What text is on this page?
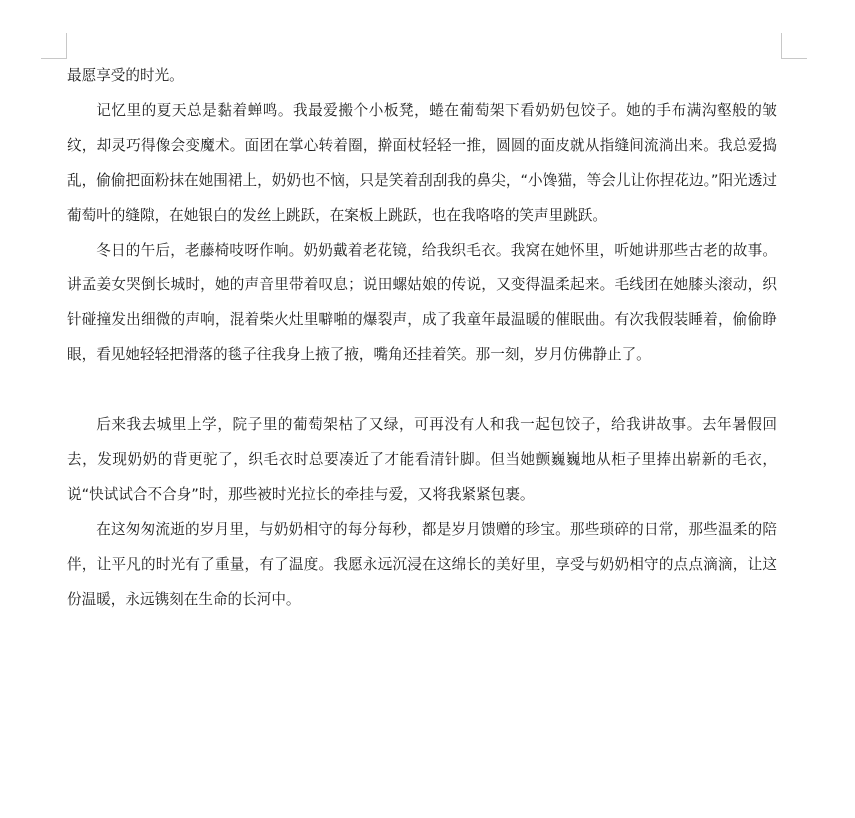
最愿享受的时光。

记忆里的夏天总是黏着蝉鸣。我最爱搬个小板凳，蜷在葡萄架下看奶奶包饺子。她的手布满沟壑般的皱纹，却灵巧得像会变魔术。面团在掌心转着圈，擀面杖轻轻一推，圆圆的面皮就从指缝间流淌出来。我总爱捣乱，偷偷把面粉抹在她围裙上，奶奶也不恼，只是笑着刮刮我的鼻尖，“小馋猫，等会儿让你捏花边。”阳光透过葡萄叶的缝隙，在她银白的发丝上跳跃，在案板上跳跃，也在我咯咯的笑声里跳跃。

冬日的午后，老藤椅吱呀作响。奶奶戴着老花镜，给我织毛衣。我窝在她怀里，听她讲那些古老的故事。讲孟姜女哭倒长城时，她的声音里带着叹息；说田螺姑娘的传说，又变得温柔起来。毛线团在她膝头滚动，织针碰撞发出细微的声响，混着柴火灶里噼啪的爆裂声，成了我童年最温暖的催眠曲。有次我假装睡着，偷偷睁眼，看见她轻轻把滑落的毯子往我身上掖了掖，嘴角还挂着笑。那一刻，岁月仿佛静止了。

后来我去城里上学，院子里的葡萄架枯了又绿，可再没有人和我一起包饺子，给我讲故事。去年暑假回去，发现奶奶的背更驼了，织毛衣时总要凑近了才能看清针脚。但当她颤巍巍地从柜子里捧出崭新的毛衣，说“快试试合不合身”时，那些被时光拉长的牵挂与爱，又将我紧紧包裹。

在这匆匆流逝的岁月里，与奶奶相守的每分每秒，都是岁月馈赠的珍宝。那些琐碎的日常，那些温柔的陪伴，让平凡的时光有了重量，有了温度。我愿永远沉浸在这绵长的美好里，享受与奶奶相守的点点滴滴，让这份温暖，永远镌刻在生命的长河中。
